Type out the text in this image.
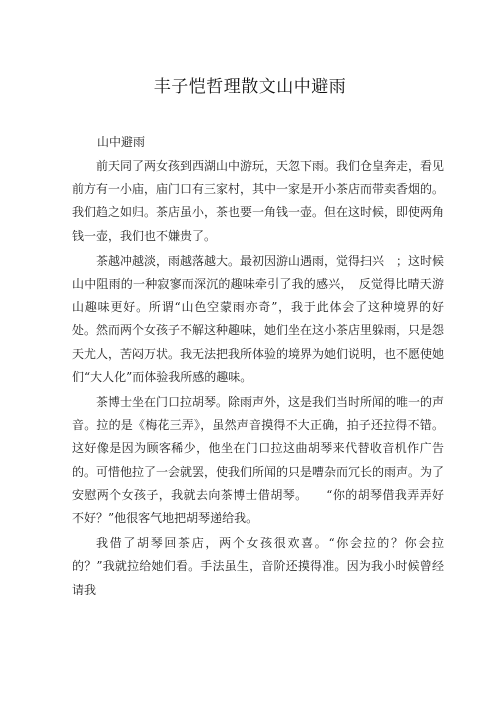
丰子恺哲理散文山中避雨

山中避雨

前天同了两女孩到西湖山中游玩，天忽下雨。我们仓皇奔走，看见前方有一小庙，庙门口有三家村，其中一家是开小茶店而带卖香烟的。我们趋之如归。茶店虽小，茶也要一角钱一壶。但在这时候，即使两角钱一壶，我们也不嫌贵了。

茶越冲越淡，雨越落越大。最初因游山遇雨，觉得扫兴　；这时候山中阻雨的一种寂寥而深沉的趣味牵引了我的感兴，　反觉得比晴天游山趣味更好。所谓“山色空蒙雨亦奇”，我于此体会了这种境界的好处。然而两个女孩子不解这种趣味，她们坐在这小茶店里躲雨，只是怨天尤人，苦闷万状。我无法把我所体验的境界为她们说明，也不愿使她们“大人化”而体验我所感的趣味。

茶博士坐在门口拉胡琴。除雨声外，这是我们当时所闻的唯一的声音。拉的是《梅花三弄》，虽然声音摸得不大正确，拍子还拉得不错。这好像是因为顾客稀少，他坐在门口拉这曲胡琴来代替收音机作广告的。可惜他拉了一会就罢，使我们所闻的只是嘈杂而冗长的雨声。为了安慰两个女孩子，我就去向茶博士借胡琴。　　“你的胡琴借我弄弄好不好？”他很客气地把胡琴递给我。

我借了胡琴回茶店，两个女孩很欢喜。“你会拉的？你会拉的？”我就拉给她们看。手法虽生，音阶还摸得准。因为我小时候曾经请我
